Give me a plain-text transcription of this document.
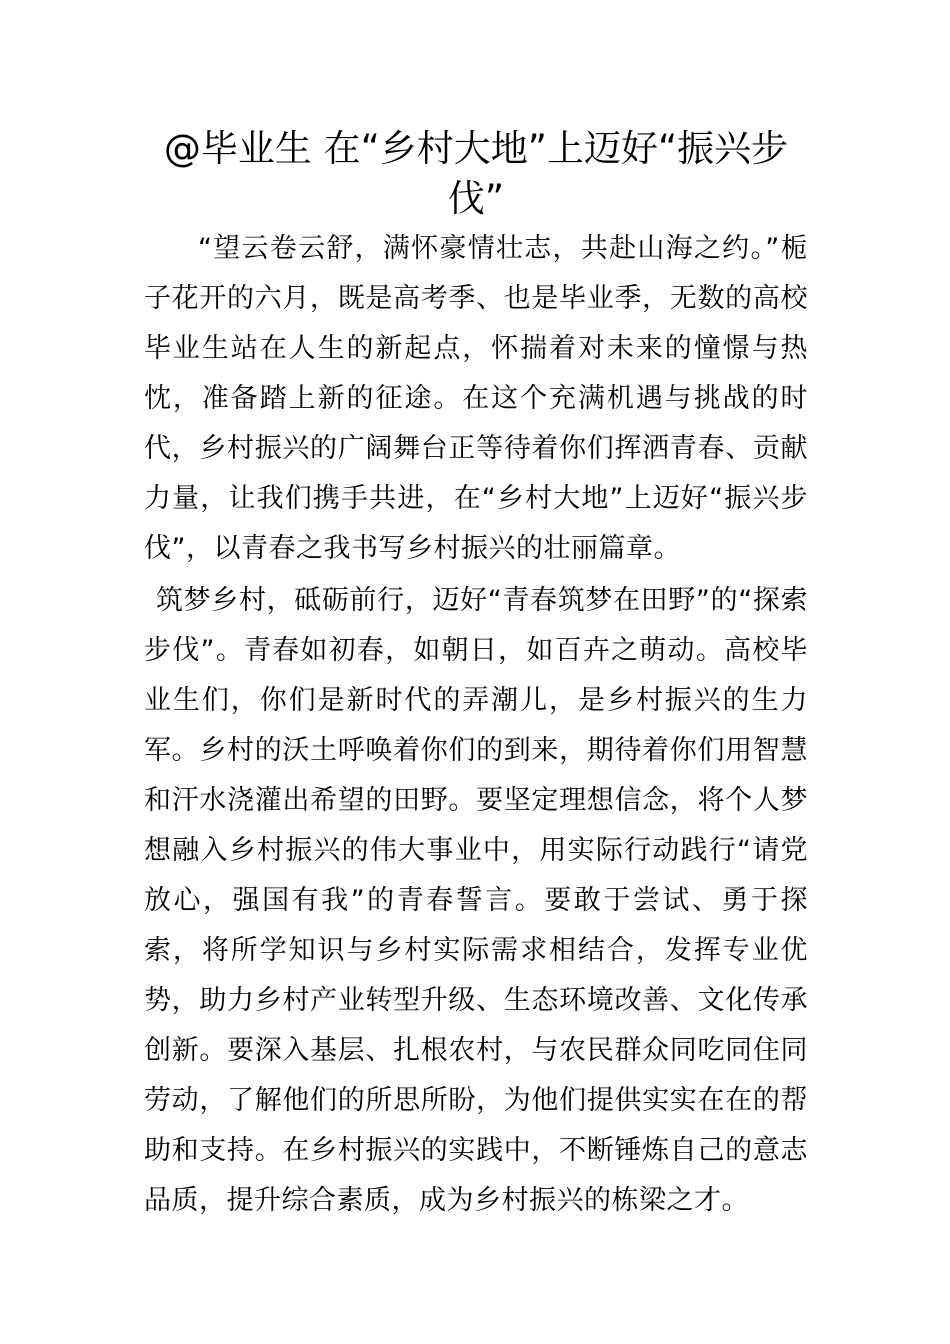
@毕业生 在“乡村大地”上迈好“振兴步伐”

“望云卷云舒，满怀豪情壮志，共赴山海之约。”栀子花开的六月，既是高考季、也是毕业季，无数的高校毕业生站在人生的新起点，怀揣着对未来的憧憬与热忱，准备踏上新的征途。在这个充满机遇与挑战的时代，乡村振兴的广阔舞台正等待着你们挥洒青春、贡献力量，让我们携手共进，在“乡村大地”上迈好“振兴步伐”，以青春之我书写乡村振兴的壮丽篇章。

筑梦乡村，砥砺前行，迈好“青春筑梦在田野”的“探索步伐”。青春如初春，如朝日，如百卉之萌动。高校毕业生们，你们是新时代的弄潮儿，是乡村振兴的生力军。乡村的沃土呼唤着你们的到来，期待着你们用智慧和汗水浇灌出希望的田野。要坚定理想信念，将个人梦想融入乡村振兴的伟大事业中，用实际行动践行“请党放心，强国有我”的青春誓言。要敢于尝试、勇于探索，将所学知识与乡村实际需求相结合，发挥专业优势，助力乡村产业转型升级、生态环境改善、文化传承创新。要深入基层、扎根农村，与农民群众同吃同住同劳动，了解他们的所思所盼，为他们提供实实在在的帮助和支持。在乡村振兴的实践中，不断锤炼自己的意志品质，提升综合素质，成为乡村振兴的栋梁之才。
